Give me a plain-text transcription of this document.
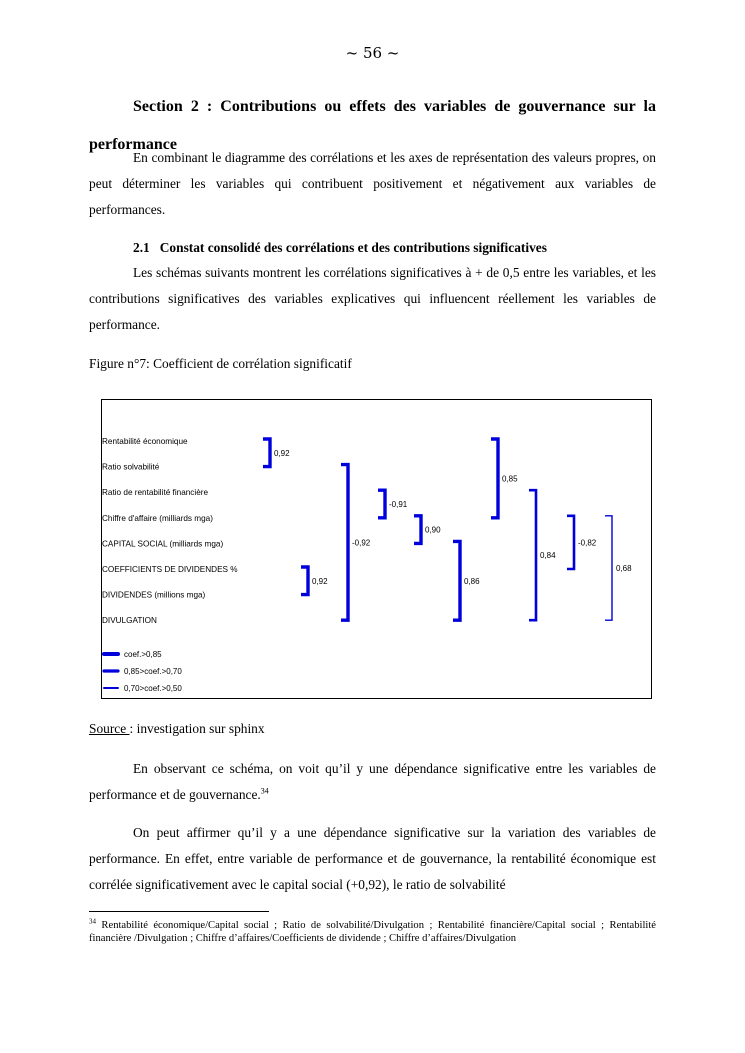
~ 56 ~
Section 2 : Contributions ou effets des variables de gouvernance sur la performance
En combinant le diagramme des corrélations et les axes de représentation des valeurs propres, on peut déterminer les variables qui contribuent positivement et négativement aux variables de performances.
2.1 Constat consolidé des corrélations et des contributions significatives
Les schémas suivants montrent les corrélations significatives à + de 0,5 entre les variables, et les contributions significatives des variables explicatives qui influencent réellement les variables de performance.
Figure n°7: Coefficient de corrélation significatif
Rentabilité économique
Ratio solvabilité
Ratio de rentabilité financière
Chiffre d'affaire (milliards mga)
CAPITAL SOCIAL (milliards mga)
COEFFICIENTS DE DIVIDENDES %
DIVIDENDES (millions mga)
DIVULGATION
0,92
0,92
-0,92
-0,91
0,90
0,86
0,85
0,84
-0,82
0,68
coef.>0,85
0,85>coef.>0,70
0,70>coef.>0,50
Source : investigation sur sphinx
En observant ce schéma, on voit qu’il y une dépendance significative entre les variables de performance et de gouvernance.$^{34}$
On peut affirmer qu’il y a une dépendance significative sur la variation des variables de performance. En effet, entre variable de performance et de gouvernance, la rentabilité économique est corrélée significativement avec le capital social (+0,92), le ratio de solvabilité
$^{34}$ Rentabilité économique/Capital social ; Ratio de solvabilité/Divulgation ; Rentabilité financière/Capital social ; Rentabilité financière /Divulgation ; Chiffre d’affaires/Coefficients de dividende ; Chiffre d’affaires/Divulgation
